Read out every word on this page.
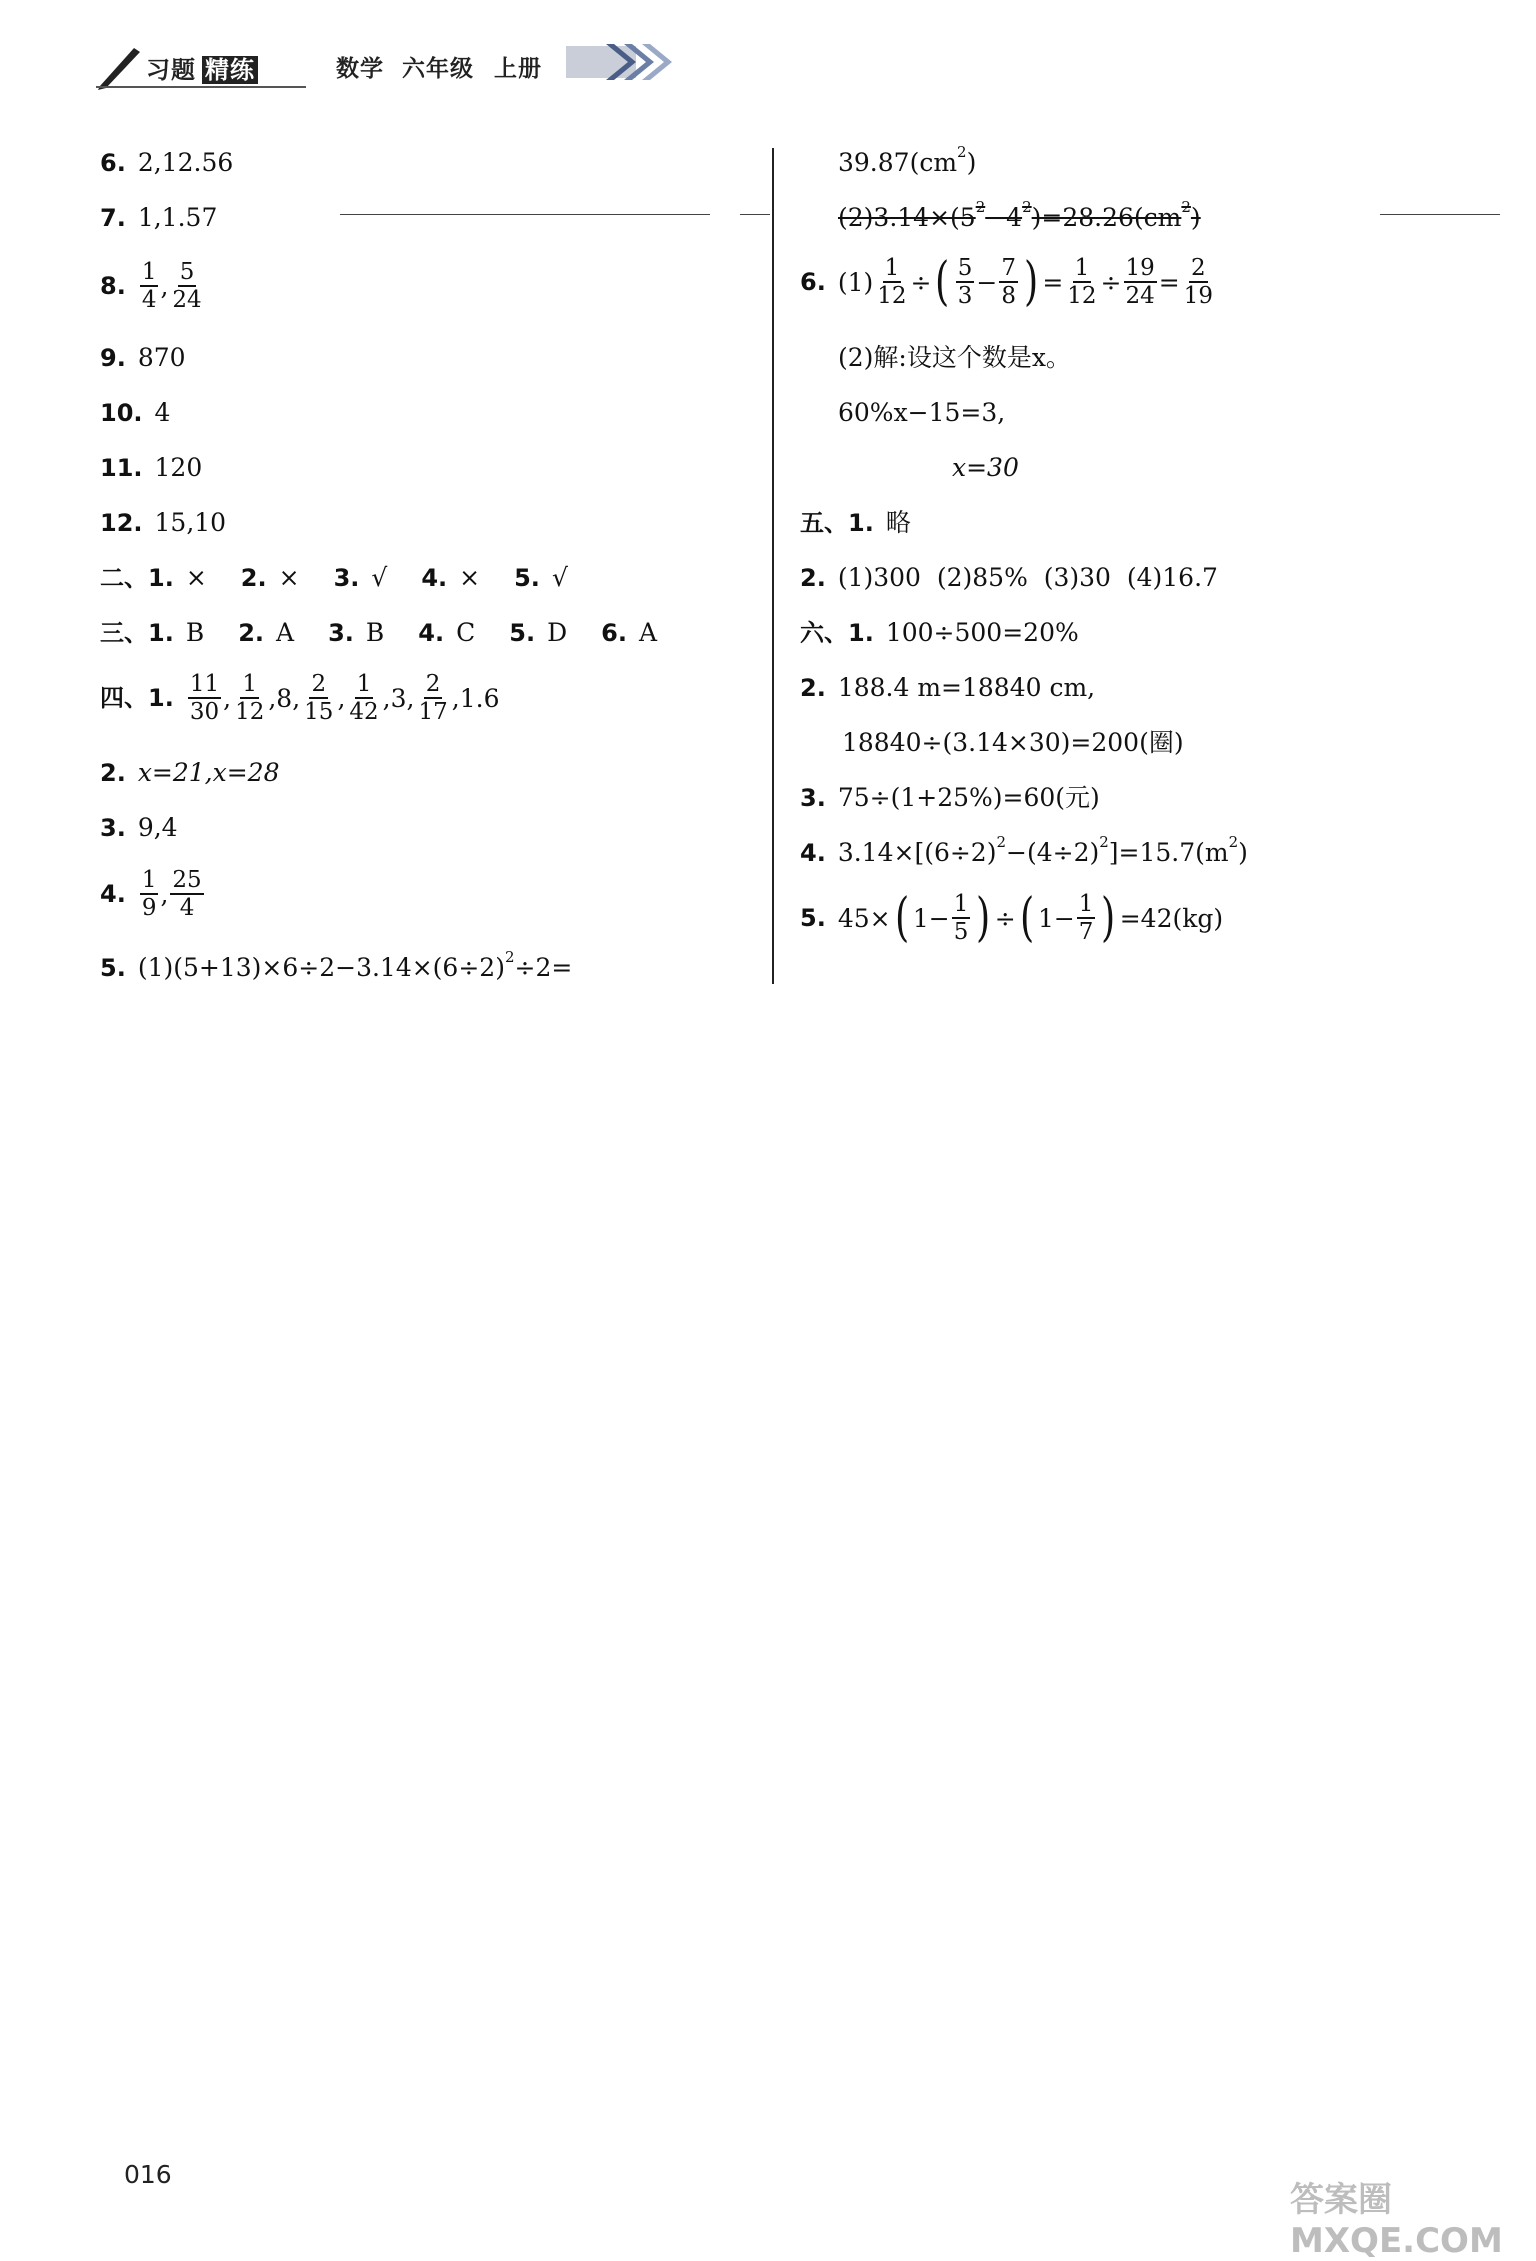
习题 精练	数学 六年级 上册
6. 2,12.56
7. 1,1.57
8. $\frac{1}{4}$ , $\frac{5}{24}$
9. 870
10. 4
11. 120
12. 15,10
二、1. × 2. × 3. √ 4. × 5. √
三、1. B 2. A 3. B 4. C 5. D 6. A
四、1. $\frac{11}{30}$ , $\frac{1}{12} ,8$, $\frac{2}{15}$ , $\frac{1}{42} ,3$, $\frac{2}{17} ,1.6$
2. x=21,x=28
3. 9,4
4. $\frac{1}{9}$ , $\frac{25}{4}$
5. (1)(5+13)×6÷2−3.14×(6÷2) 2 ÷2=
39.87(cm 2 )
(2)3.14×(5 2 −4 2 )=28.26(cm 2 )
6. $(1) \frac{1}{12}$ ÷ ( $\frac{5}{3} - \frac{7}{8}$ ) = $\frac{1}{12} \div \frac{19}{24} = \frac{2}{19}$
(2)解:设这个数是x。
60%x−15=3,
x=30
五、1. 略
2. (1)300  (2)85%  (3)30  (4)16.7
六、1. 100÷500=20%
2. 188.4 m=18840 cm,
18840÷(3.14×30)=200(圈)
3. 75÷(1+25%)=60(元)
4. 3.14×[(6÷2) 2 −(4÷2) 2 ]=15.7(m 2 )
5. 45× ( $1- \frac{1}{5}$ ) ÷ ( $1- \frac{1}{7}$ ) =42(kg)
016
答案圈 MXQE.COM
